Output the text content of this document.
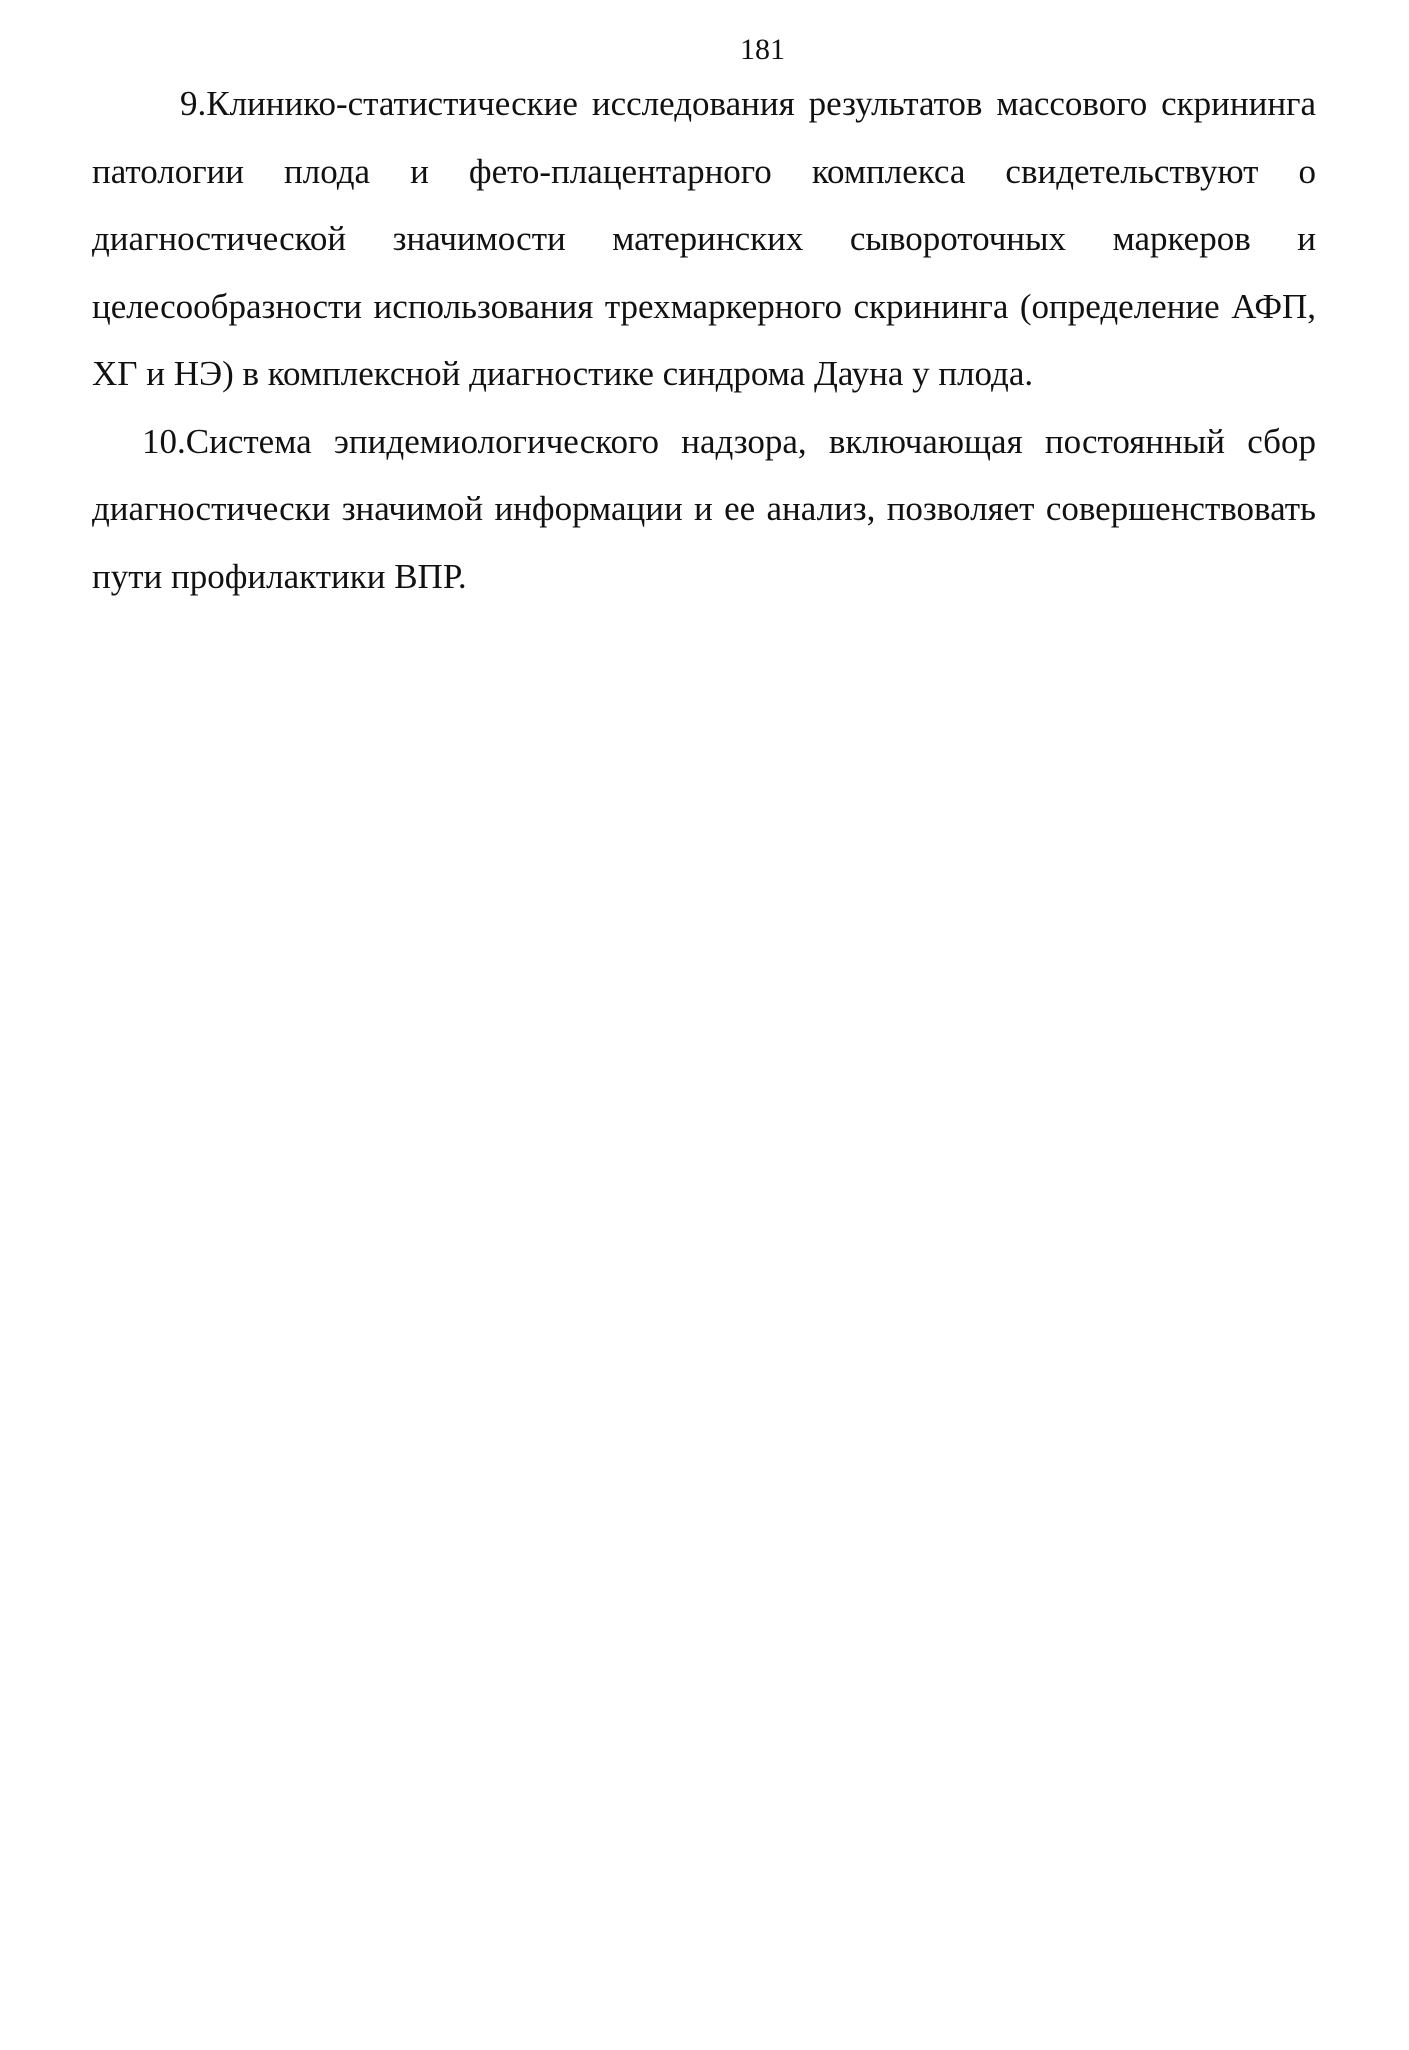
181

9.Клинико-статистические исследования результатов массового скрининга патологии плода и фето-плацентарного комплекса свидетельствуют о диагностической значимости материнских сывороточных маркеров и целесообразности использования трехмаркерного скрининга (определение АФП, ХГ и НЭ) в комплексной диагностике синдрома Дауна у плода.

10.Система эпидемиологического надзора, включающая постоянный сбор диагностически значимой информации и ее анализ, позволяет совершенствовать пути профилактики ВПР.
